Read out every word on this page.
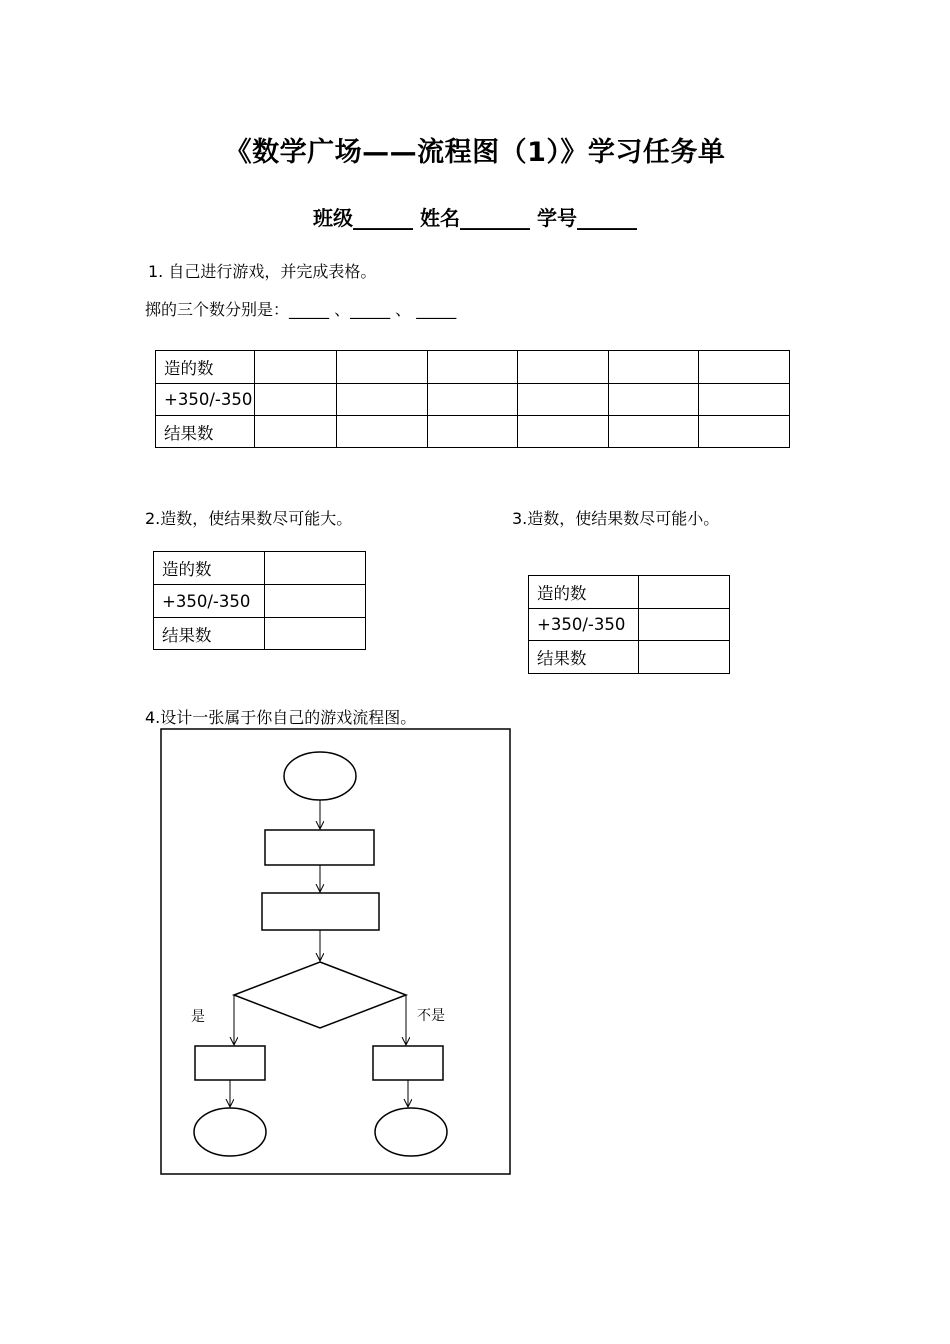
《数学广场——流程图（1）》学习任务单
班级______ 姓名_______ 学号______
1. 自己进行游戏，并完成表格。
掷的三个数分别是：_____ 、_____ 、 _____
造的数						
+350/-350						
结果数						
2.造数，使结果数尽可能大。
造的数	
+350/-350	
结果数	
3.造数，使结果数尽可能小。
造的数	
+350/-350	
结果数	
4.设计一张属于你自己的游戏流程图。
是	不是
